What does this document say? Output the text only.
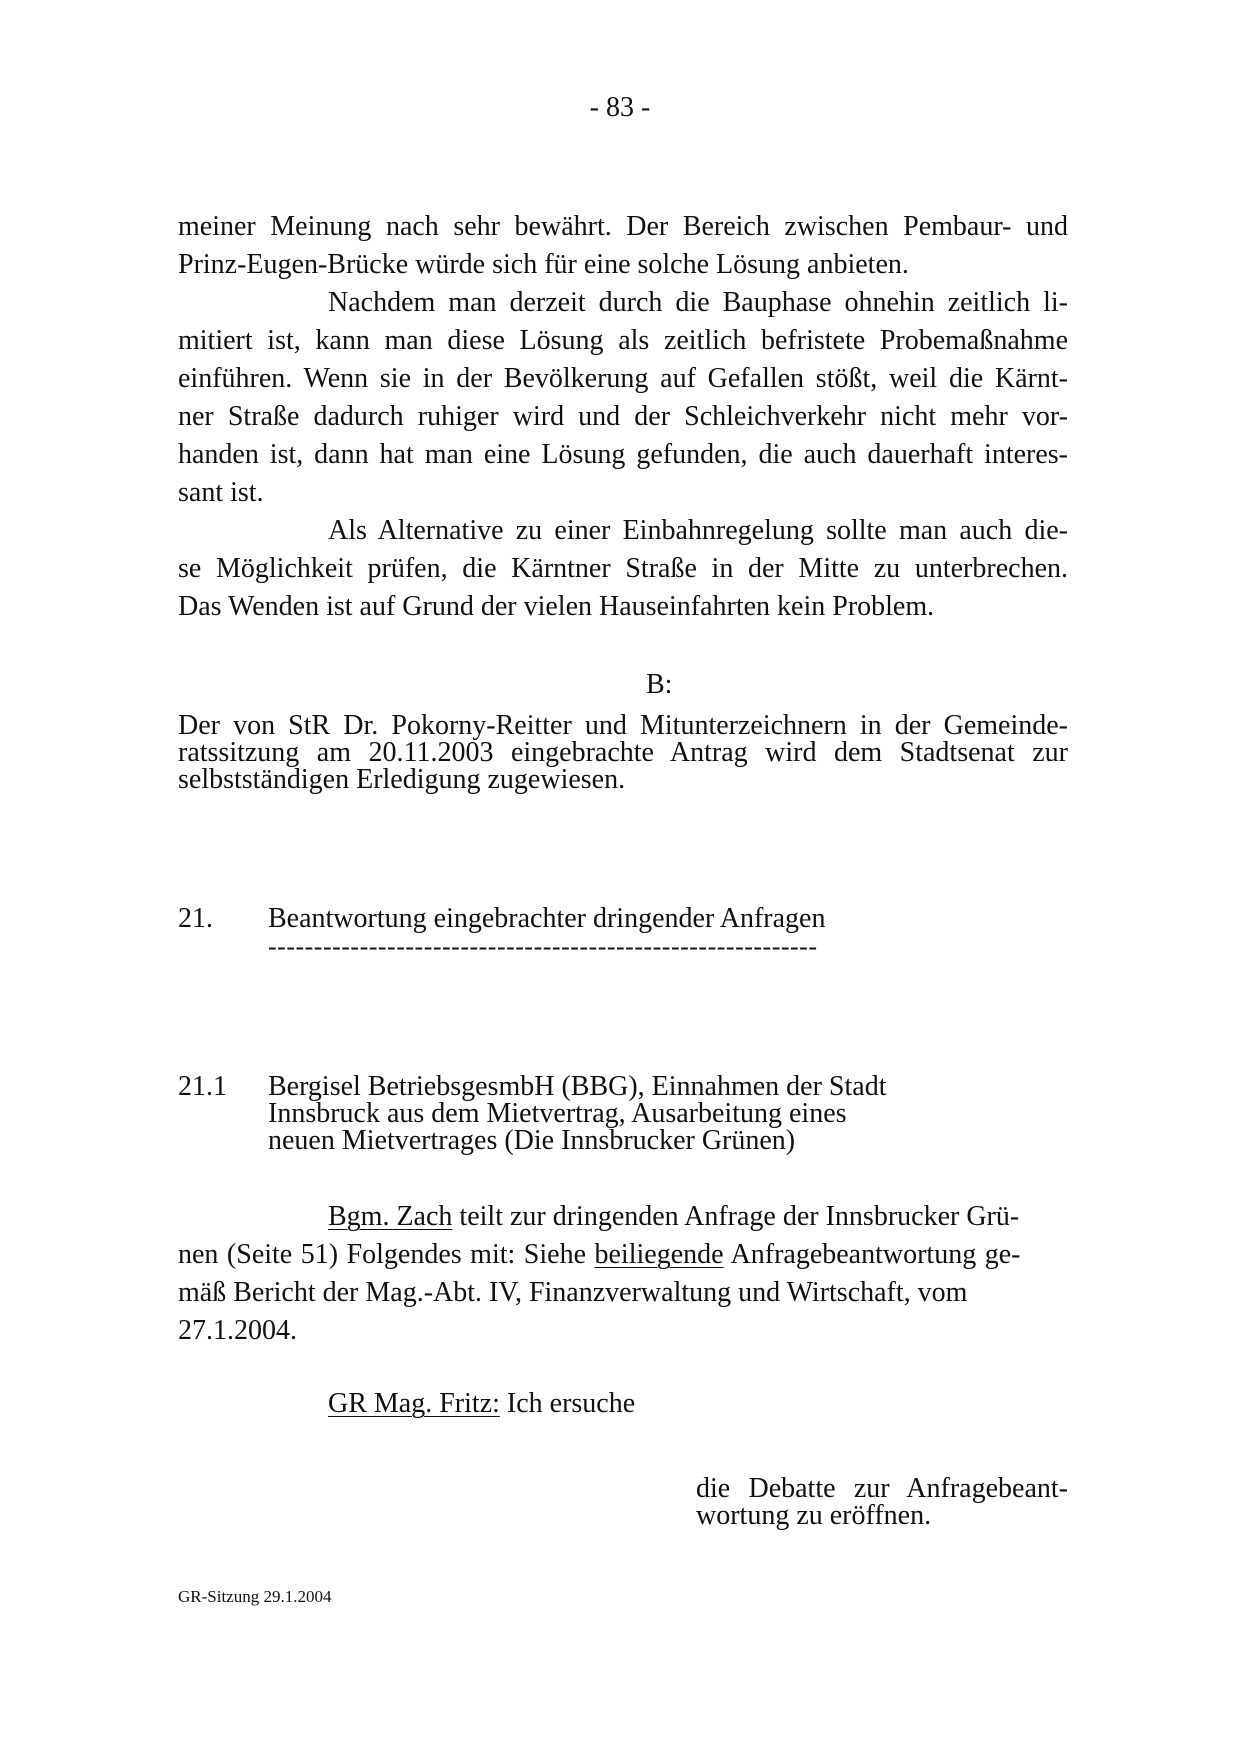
- 83 -
meiner Meinung nach sehr bewährt. Der Bereich zwischen Pembaur- und
Prinz-Eugen-Brücke würde sich für eine solche Lösung anbieten.
Nachdem man derzeit durch die Bauphase ohnehin zeitlich li-
mitiert ist, kann man diese Lösung als zeitlich befristete Probemaßnahme
einführen. Wenn sie in der Bevölkerung auf Gefallen stößt, weil die Kärnt-
ner Straße dadurch ruhiger wird und der Schleichverkehr nicht mehr vor-
handen ist, dann hat man eine Lösung gefunden, die auch dauerhaft interes-
sant ist.
Als Alternative zu einer Einbahnregelung sollte man auch die-
se Möglichkeit prüfen, die Kärntner Straße in der Mitte zu unterbrechen.
Das Wenden ist auf Grund der vielen Hauseinfahrten kein Problem.
B:
Der von StR Dr. Pokorny-Reitter und Mitunterzeichnern in der Gemeinde-
ratssitzung am 20.11.2003 eingebrachte Antrag wird dem Stadtsenat zur
selbstständigen Erledigung zugewiesen.
21. Beantwortung eingebrachter dringender Anfragen
------------------------------------------------------------
21.1 Bergisel BetriebsgesmbH (BBG), Einnahmen der Stadt
Innsbruck aus dem Mietvertrag, Ausarbeitung eines
neuen Mietvertrages (Die Innsbrucker Grünen)
Bgm. Zach teilt zur dringenden Anfrage der Innsbrucker Grü-
nen (Seite 51) Folgendes mit: Siehe beiliegende Anfragebeantwortung ge-
mäß Bericht der Mag.-Abt. IV, Finanzverwaltung und Wirtschaft, vom
27.1.2004.
GR Mag. Fritz: Ich ersuche
die Debatte zur Anfragebeant-
wortung zu eröffnen.
GR-Sitzung 29.1.2004
